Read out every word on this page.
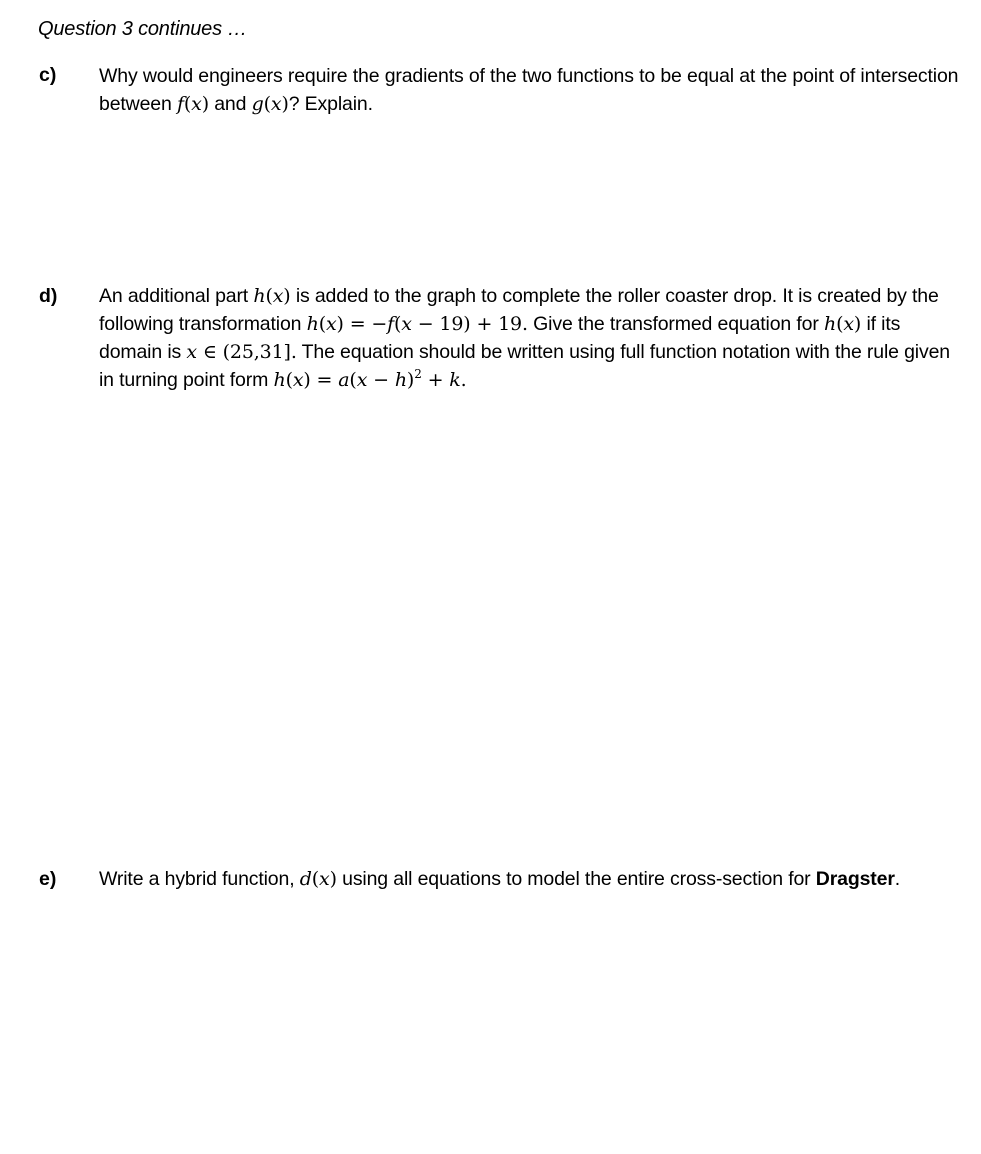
Question 3 continues …
c) Why would engineers require the gradients of the two functions to be equal at the point of intersection between f(x) and g(x)? Explain.
d) An additional part h(x) is added to the graph to complete the roller coaster drop. It is created by the following transformation h(x) = −f(x − 19) + 19. Give the transformed equation for h(x) if its domain is x ∈ (25,31]. The equation should be written using full function notation with the rule given in turning point form $h(x) = a(x - h)^2 + k$.
e) Write a hybrid function, d(x) using all equations to model the entire cross-section for Dragster.
